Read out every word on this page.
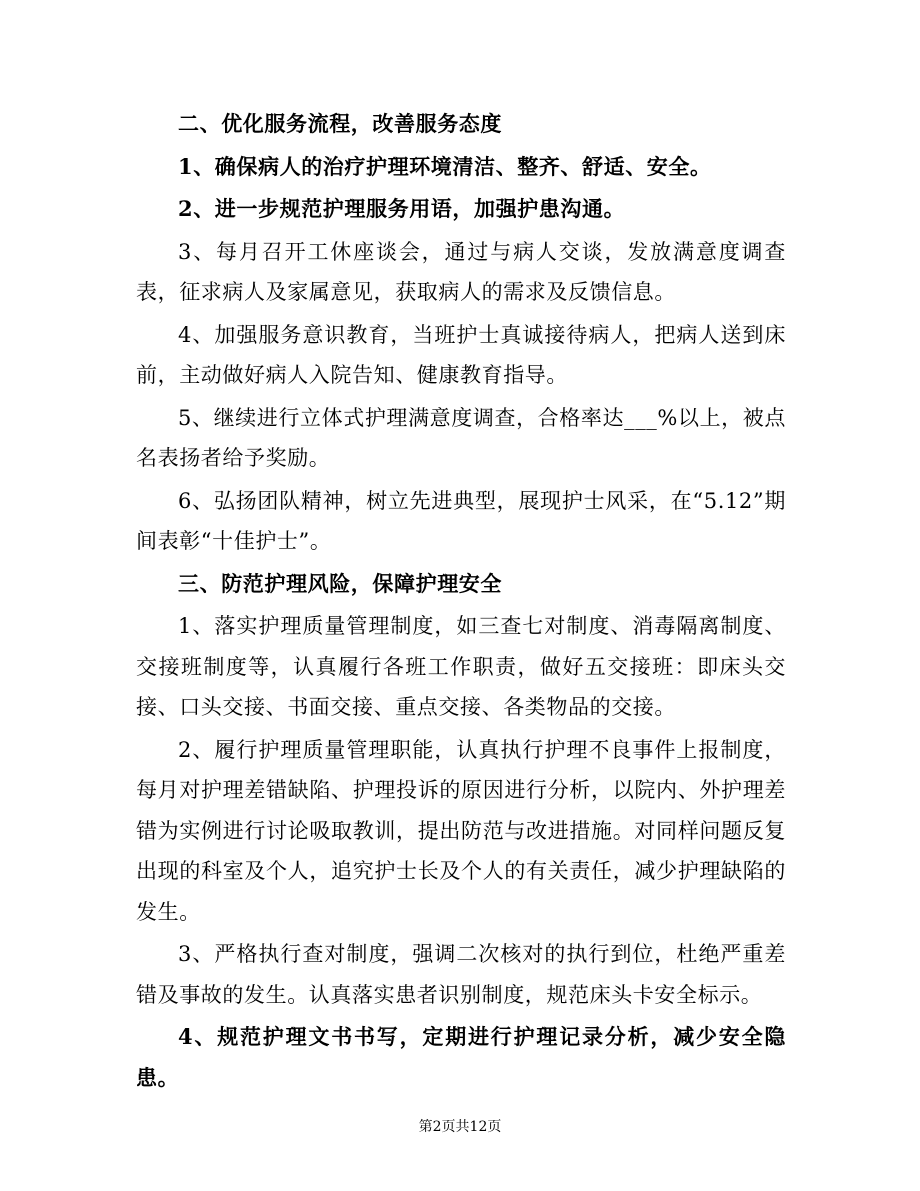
二、优化服务流程，改善服务态度

1、确保病人的治疗护理环境清洁、整齐、舒适、安全。

2、进一步规范护理服务用语，加强护患沟通。

3、每月召开工休座谈会，通过与病人交谈，发放满意度调查表，征求病人及家属意见，获取病人的需求及反馈信息。

4、加强服务意识教育，当班护士真诚接待病人，把病人送到床前，主动做好病人入院告知、健康教育指导。

5、继续进行立体式护理满意度调查，合格率达___%以上，被点名表扬者给予奖励。

6、弘扬团队精神，树立先进典型，展现护士风采，在“5.12”期间表彰“十佳护士”。

三、防范护理风险，保障护理安全

1、落实护理质量管理制度，如三查七对制度、消毒隔离制度、交接班制度等，认真履行各班工作职责，做好五交接班：即床头交接、口头交接、书面交接、重点交接、各类物品的交接。

2、履行护理质量管理职能，认真执行护理不良事件上报制度，每月对护理差错缺陷、护理投诉的原因进行分析，以院内、外护理差错为实例进行讨论吸取教训，提出防范与改进措施。对同样问题反复出现的科室及个人，追究护士长及个人的有关责任，减少护理缺陷的发生。

3、严格执行查对制度，强调二次核对的执行到位，杜绝严重差错及事故的发生。认真落实患者识别制度，规范床头卡安全标示。

4、规范护理文书书写，定期进行护理记录分析，减少安全隐患。

第2页共12页
